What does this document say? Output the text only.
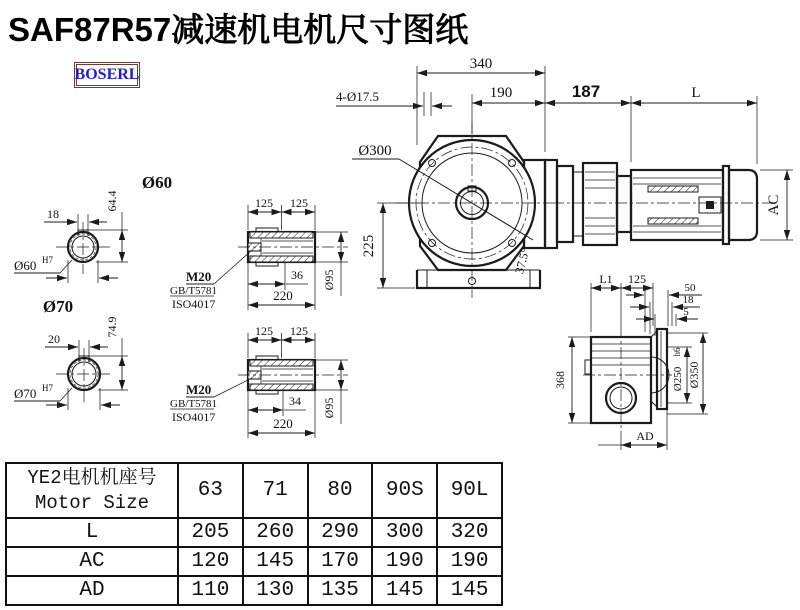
SAF87R57减速机电机尺寸图纸
BOSERL
Ø300
37.5°
225
340
190
4-Ø17.5	187	L
AC
Ø60
18
64.4
Ø60 H7
Ø70
20
74.9
Ø70 H7
125 125
M20
GB/T5781
ISO4017
36
220
Ø95
125 125
M20
GB/T5781
ISO4017
34
220
Ø95
L1 125
50
18
5
368	Ø250
h6
Ø350
AD
YE2电机机座号
Motor Size	63	71	80	90S	90L
L	205	260	290	300	320
AC	120	145	170	190	190
AD	110	130	135	145	145
